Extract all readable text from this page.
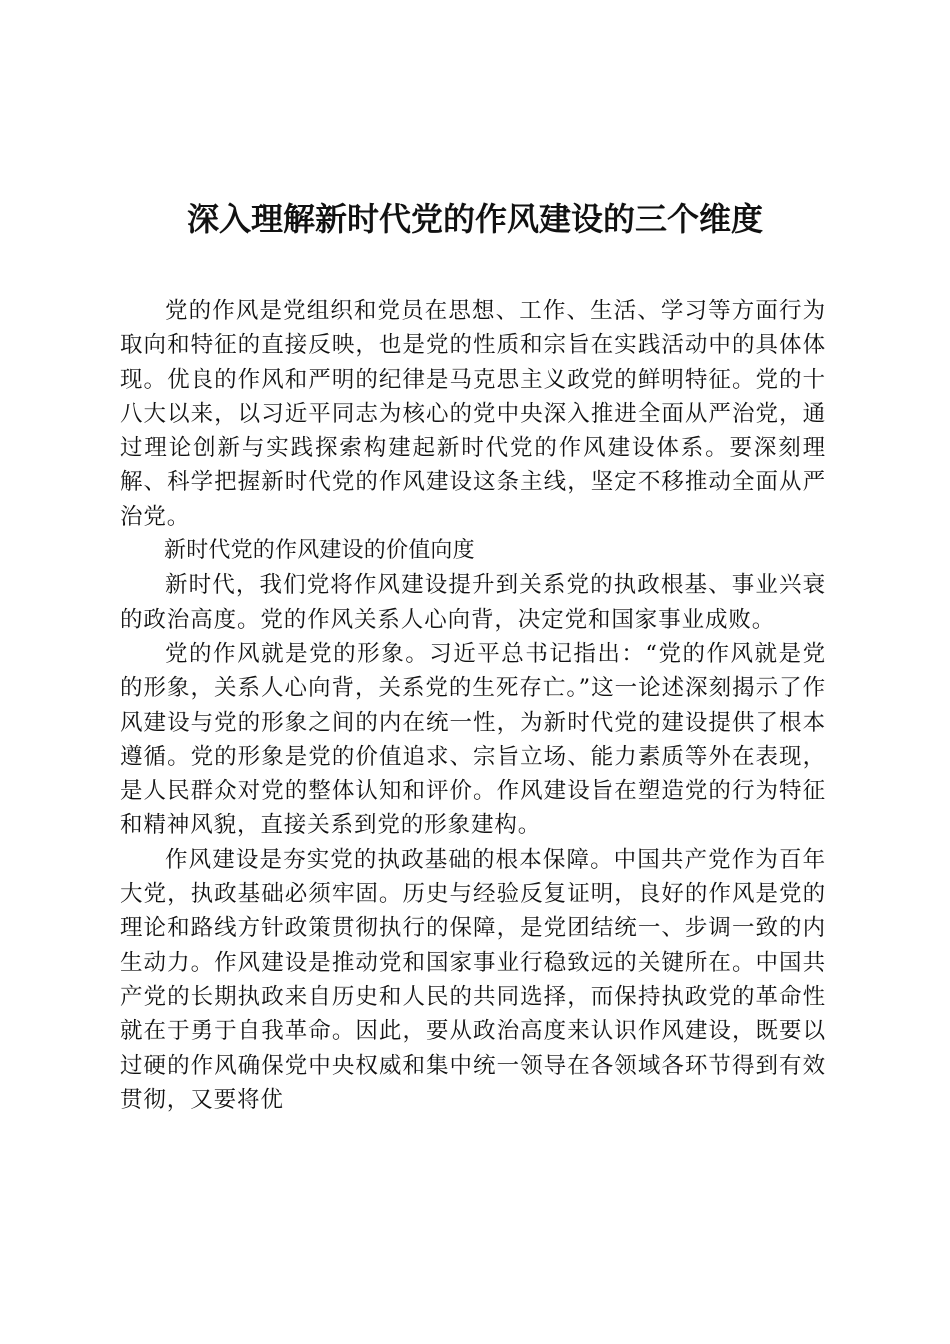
深入理解新时代党的作风建设的三个维度

党的作风是党组织和党员在思想、工作、生活、学习等方面行为取向和特征的直接反映，也是党的性质和宗旨在实践活动中的具体体现。优良的作风和严明的纪律是马克思主义政党的鲜明特征。党的十八大以来，以习近平同志为核心的党中央深入推进全面从严治党，通过理论创新与实践探索构建起新时代党的作风建设体系。要深刻理解、科学把握新时代党的作风建设这条主线，坚定不移推动全面从严治党。

新时代党的作风建设的价值向度

新时代，我们党将作风建设提升到关系党的执政根基、事业兴衰的政治高度。党的作风关系人心向背，决定党和国家事业成败。

党的作风就是党的形象。习近平总书记指出：“党的作风就是党的形象，关系人心向背，关系党的生死存亡。”这一论述深刻揭示了作风建设与党的形象之间的内在统一性，为新时代党的建设提供了根本遵循。党的形象是党的价值追求、宗旨立场、能力素质等外在表现，是人民群众对党的整体认知和评价。作风建设旨在塑造党的行为特征和精神风貌，直接关系到党的形象建构。

作风建设是夯实党的执政基础的根本保障。中国共产党作为百年大党，执政基础必须牢固。历史与经验反复证明，良好的作风是党的理论和路线方针政策贯彻执行的保障，是党团结统一、步调一致的内生动力。作风建设是推动党和国家事业行稳致远的关键所在。中国共产党的长期执政来自历史和人民的共同选择，而保持执政党的革命性就在于勇于自我革命。因此，要从政治高度来认识作风建设，既要以过硬的作风确保党中央权威和集中统一领导在各领域各环节得到有效贯彻，又要将优
